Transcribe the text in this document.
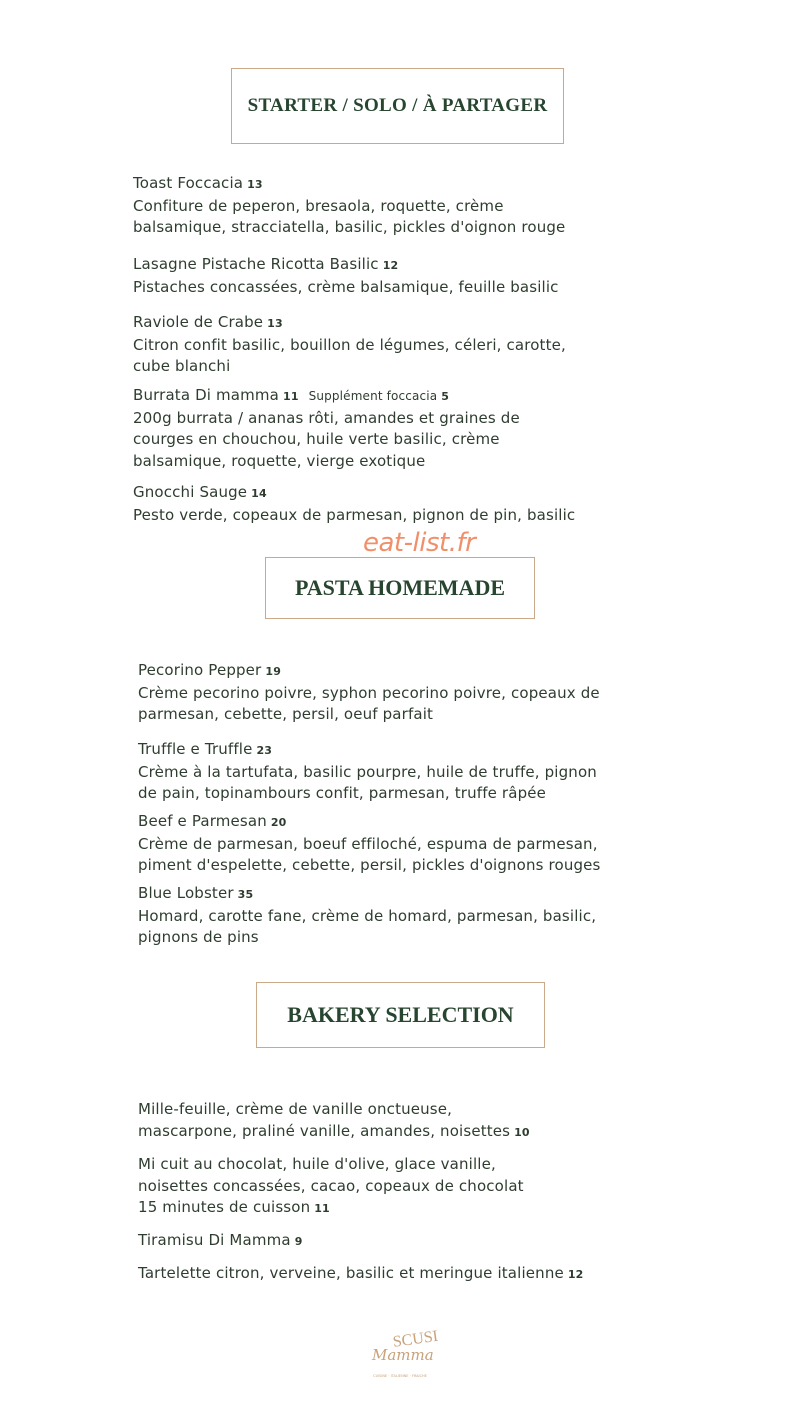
STARTER / SOLO / À PARTAGER
PASTA HOMEMADE
BAKERY SELECTION
eat-list.fr
Toast Foccacia 13
Confiture de peperon, bresaola, roquette, crème
balsamique, stracciatella, basilic, pickles d'oignon rouge
Lasagne Pistache Ricotta Basilic 12
Pistaches concassées, crème balsamique, feuille basilic
Raviole de Crabe 13
Citron confit basilic, bouillon de légumes, céleri, carotte,
cube blanchi
Burrata Di mamma 11 Supplément foccacia 5
200g burrata / ananas rôti, amandes et graines de
courges en chouchou, huile verte basilic, crème
balsamique, roquette, vierge exotique
Gnocchi Sauge 14
Pesto verde, copeaux de parmesan, pignon de pin, basilic
Pecorino Pepper 19
Crème pecorino poivre, syphon pecorino poivre, copeaux de
parmesan, cebette, persil, oeuf parfait
Truffle e Truffle 23
Crème à la tartufata, basilic pourpre, huile de truffe, pignon
de pain, topinambours confit, parmesan, truffe râpée
Beef e Parmesan 20
Crème de parmesan, boeuf effiloché, espuma de parmesan,
piment d'espelette, cebette, persil, pickles d'oignons rouges
Blue Lobster 35
Homard, carotte fane, crème de homard, parmesan, basilic,
pignons de pins
Mille-feuille, crème de vanille onctueuse,
mascarpone, praliné vanille, amandes, noisettes 10
Mi cuit au chocolat, huile d'olive, glace vanille,
noisettes concassées, cacao, copeaux de chocolat
15 minutes de cuisson 11
Tiramisu Di Mamma 9
Tartelette citron, verveine, basilic et meringue italienne 12
SCUSI
Mamma
CUISINE · ITALIENNE · FRAICHE
